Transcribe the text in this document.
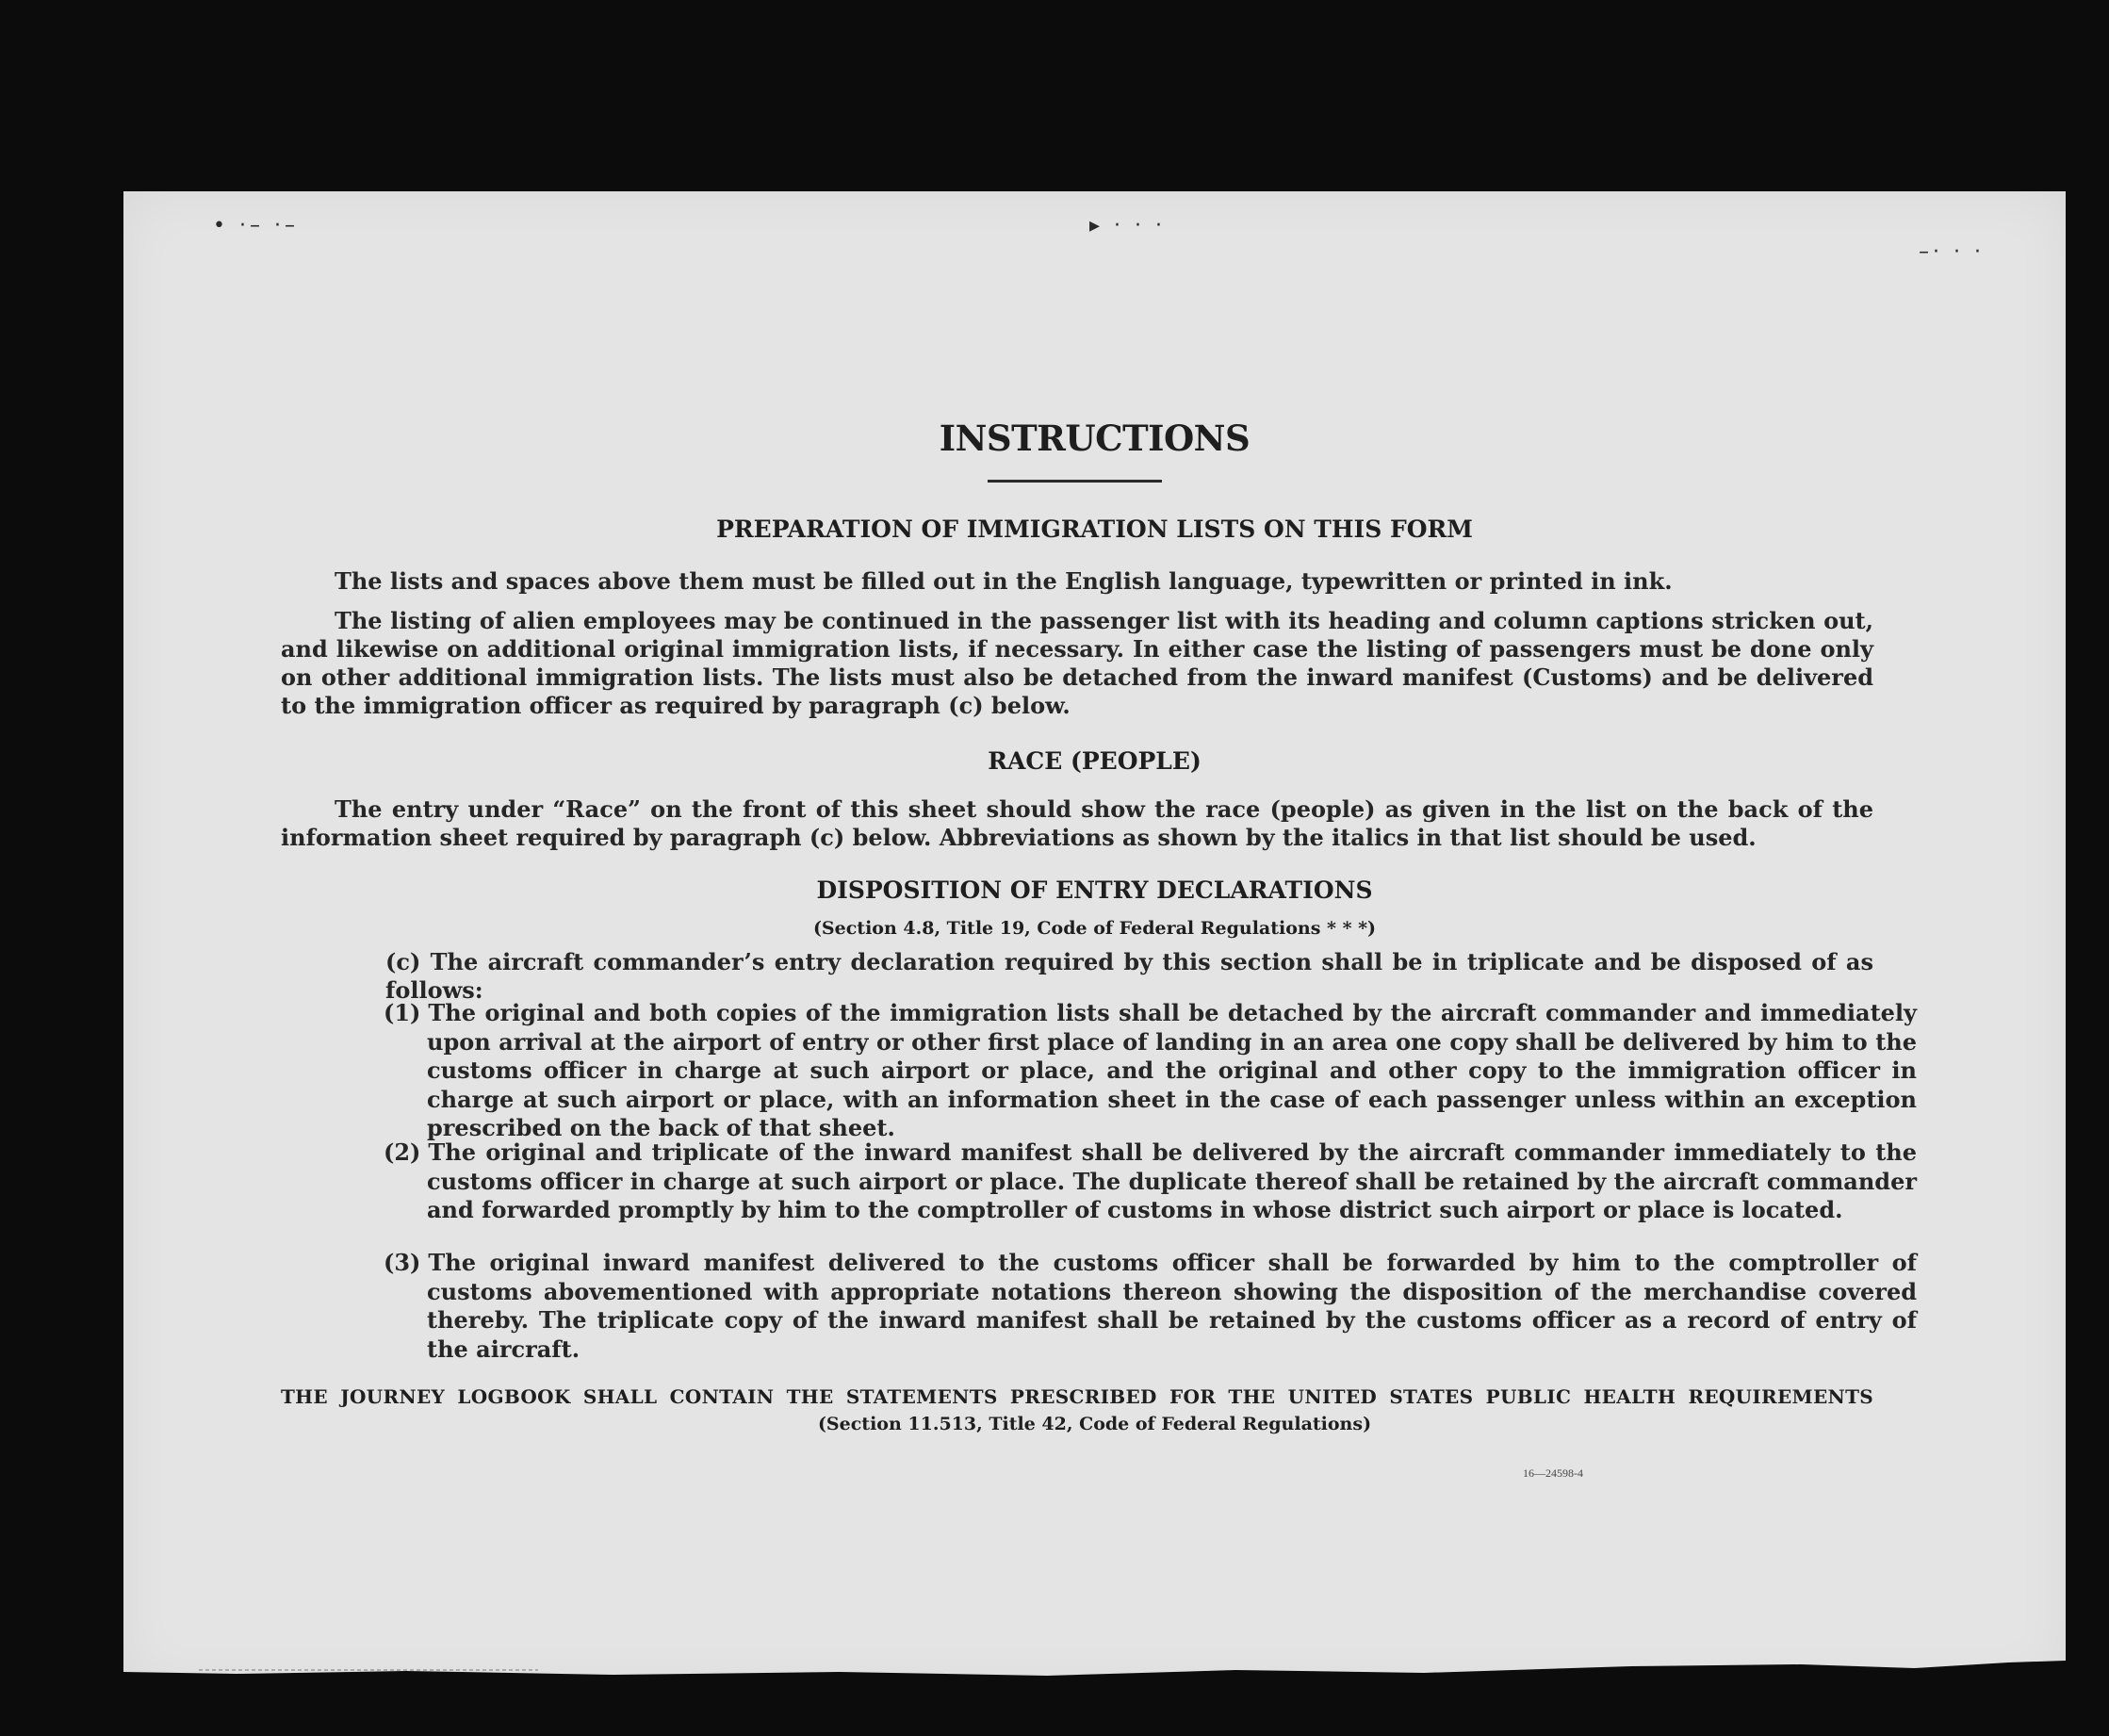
• ·– ·–	▸ · · ·
–· · ·

INSTRUCTIONS
PREPARATION OF IMMIGRATION LISTS ON THIS FORM

The lists and spaces above them must be filled out in the English language, typewritten or printed in ink.

The listing of alien employees may be continued in the passenger list with its heading and column captions stricken out, and likewise on additional original immigration lists, if necessary. In either case the listing of passengers must be done only on other additional immigration lists. The lists must also be detached from the inward manifest (Customs) and be delivered to the immigration officer as required by paragraph (c) below.

RACE (PEOPLE)

The entry under “Race” on the front of this sheet should show the race (people) as given in the list on the back of the information sheet required by paragraph (c) below. Abbreviations as shown by the italics in that list should be used.

DISPOSITION OF ENTRY DECLARATIONS

(Section 4.8, Title 19, Code of Federal Regulations * * *)

(c) The aircraft commander’s entry declaration required by this section shall be in triplicate and be disposed of as follows:

(1) The original and both copies of the immigration lists shall be detached by the aircraft commander and immediately upon arrival at the airport of entry or other first place of landing in an area one copy shall be delivered by him to the customs officer in charge at such airport or place, and the original and other copy to the immigration officer in charge at such airport or place, with an information sheet in the case of each passenger unless within an exception prescribed on the back of that sheet.

(2) The original and triplicate of the inward manifest shall be delivered by the aircraft commander immediately to the customs officer in charge at such airport or place. The duplicate thereof shall be retained by the aircraft commander and forwarded promptly by him to the comptroller of customs in whose district such airport or place is located.

(3) The original inward manifest delivered to the customs officer shall be forwarded by him to the comptroller of customs abovementioned with appropriate notations thereon showing the disposition of the merchandise covered thereby. The triplicate copy of the inward manifest shall be retained by the customs officer as a record of entry of the aircraft.

THE JOURNEY LOGBOOK SHALL CONTAIN THE STATEMENTS PRESCRIBED FOR THE UNITED STATES PUBLIC HEALTH REQUIREMENTS

(Section 11.513, Title 42, Code of Federal Regulations)

16—24598-4
